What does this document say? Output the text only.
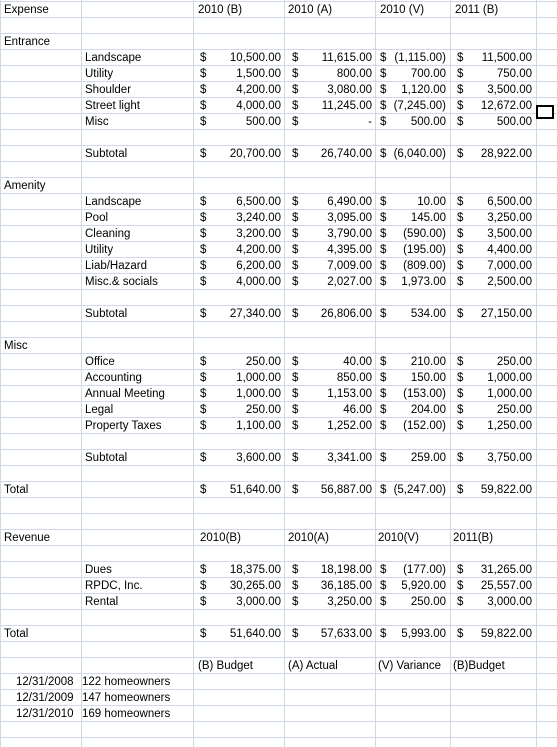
Expense	2010 (B)	2010 (A)	2010 (V)	2011 (B)
Entrance
Landscape	$	10,500.00 $	11,615.00 $ (1,115.00) $	11,500.00
Utility	$	1,500.00 $	800.00 $	700.00 $	750.00
Shoulder	$	4,200.00 $	3,080.00 $	1,120.00 $	3,500.00
Street light	$	4,000.00 $	11,245.00 $ (7,245.00) $	12,672.00
Misc	$	500.00 $	- $	500.00 $	500.00
Subtotal	$	20,700.00 $	26,740.00 $ (6,040.00) $	28,922.00
Amenity
Landscape	$	6,500.00 $	6,490.00 $	10.00 $	6,500.00
Pool	$	3,240.00 $	3,095.00 $	145.00 $	3,250.00
Cleaning	$	3,200.00 $	3,790.00 $	(590.00) $	3,500.00
Utility	$	4,200.00 $	4,395.00 $	(195.00) $	4,400.00
Liab/Hazard	$	6,200.00 $	7,009.00 $	(809.00) $	7,000.00
Misc.& socials	$	4,000.00 $	2,027.00 $	1,973.00 $	2,500.00
Subtotal	$	27,340.00 $	26,806.00 $	534.00 $	27,150.00
Misc
Office	$	250.00 $	40.00 $	210.00 $	250.00
Accounting	$	1,000.00 $	850.00 $	150.00 $	1,000.00
Annual Meeting	$	1,000.00 $	1,153.00 $	(153.00) $	1,000.00
Legal	$	250.00 $	46.00 $	204.00 $	250.00
Property Taxes	$	1,100.00 $	1,252.00 $	(152.00) $	1,250.00
Subtotal	$	3,600.00 $	3,341.00 $	259.00 $	3,750.00
Total	$	51,640.00 $	56,887.00 $ (5,247.00) $	59,822.00
Revenue	2010(B)	2010(A)	2010(V)	2011(B)
Dues	$	18,375.00 $	18,198.00 $	(177.00) $	31,265.00
RPDC, Inc.	$	30,265.00 $	36,185.00 $	5,920.00 $	25,557.00
Rental	$	3,000.00 $	3,250.00 $	250.00 $	3,000.00
Total	$	51,640.00 $	57,633.00 $	5,993.00 $	59,822.00
(B) Budget	(A) Actual	(V) Variance (B)Budget
12/31/2008 122 homeowners
12/31/2009 147 homeowners
12/31/2010 169 homeowners
